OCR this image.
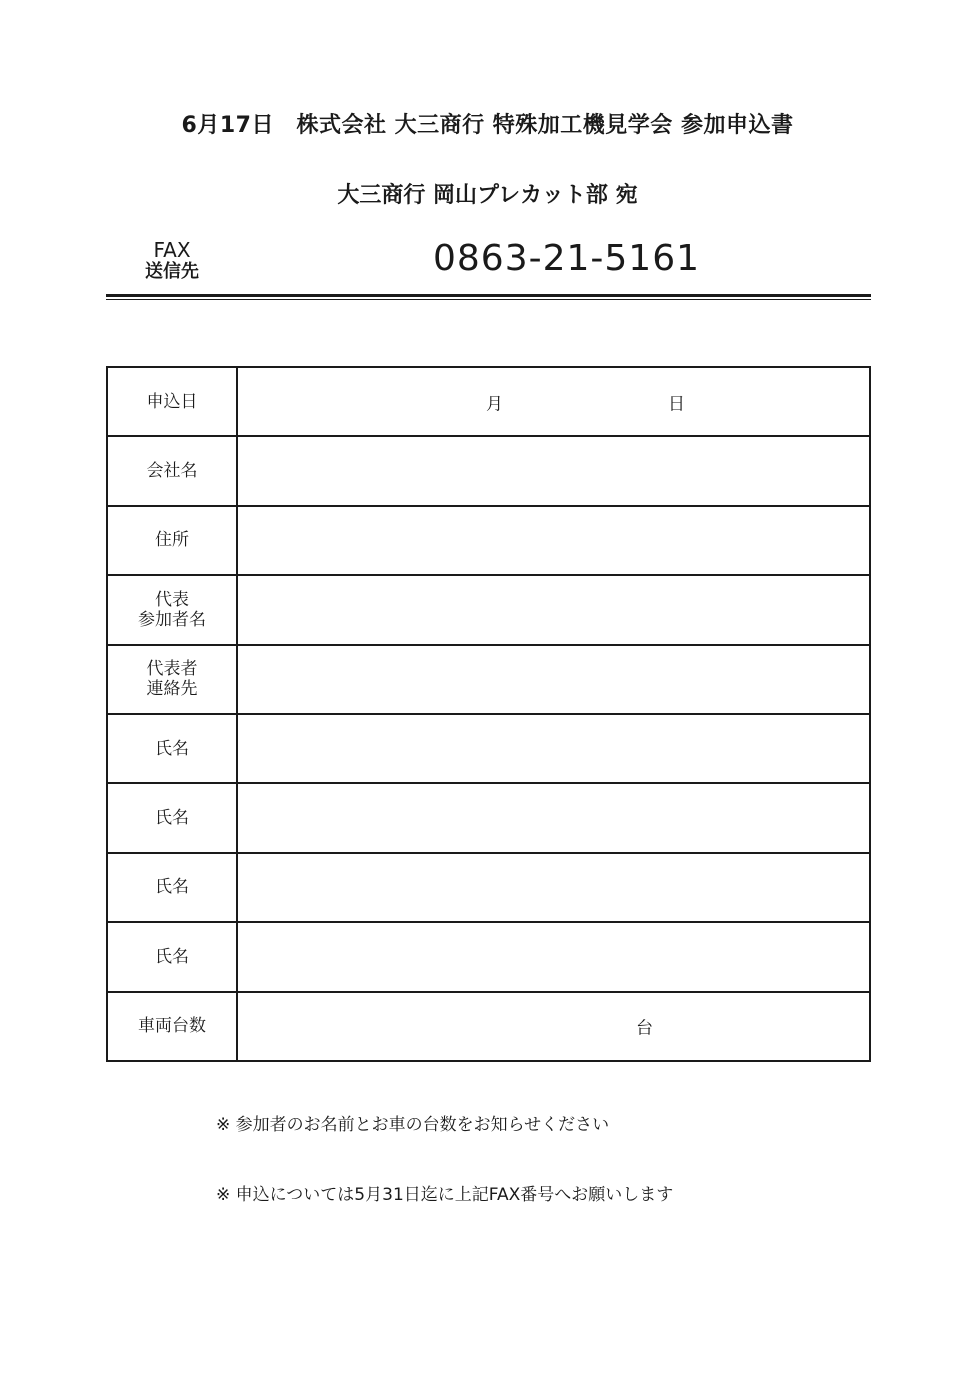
6月17日　株式会社 大三商行 特殊加工機見学会 参加申込書
大三商行 岡山プレカット部 宛
FAX
送信先	0863-21-5161
申込日	月 日

会社名	
住所	

代表
参加者名	

代表者
連絡先	

氏名	
氏名	
氏名	
氏名	
車両台数	台
※ 参加者のお名前とお車の台数をお知らせください
※ 申込については5月31日迄に上記FAX番号へお願いします
